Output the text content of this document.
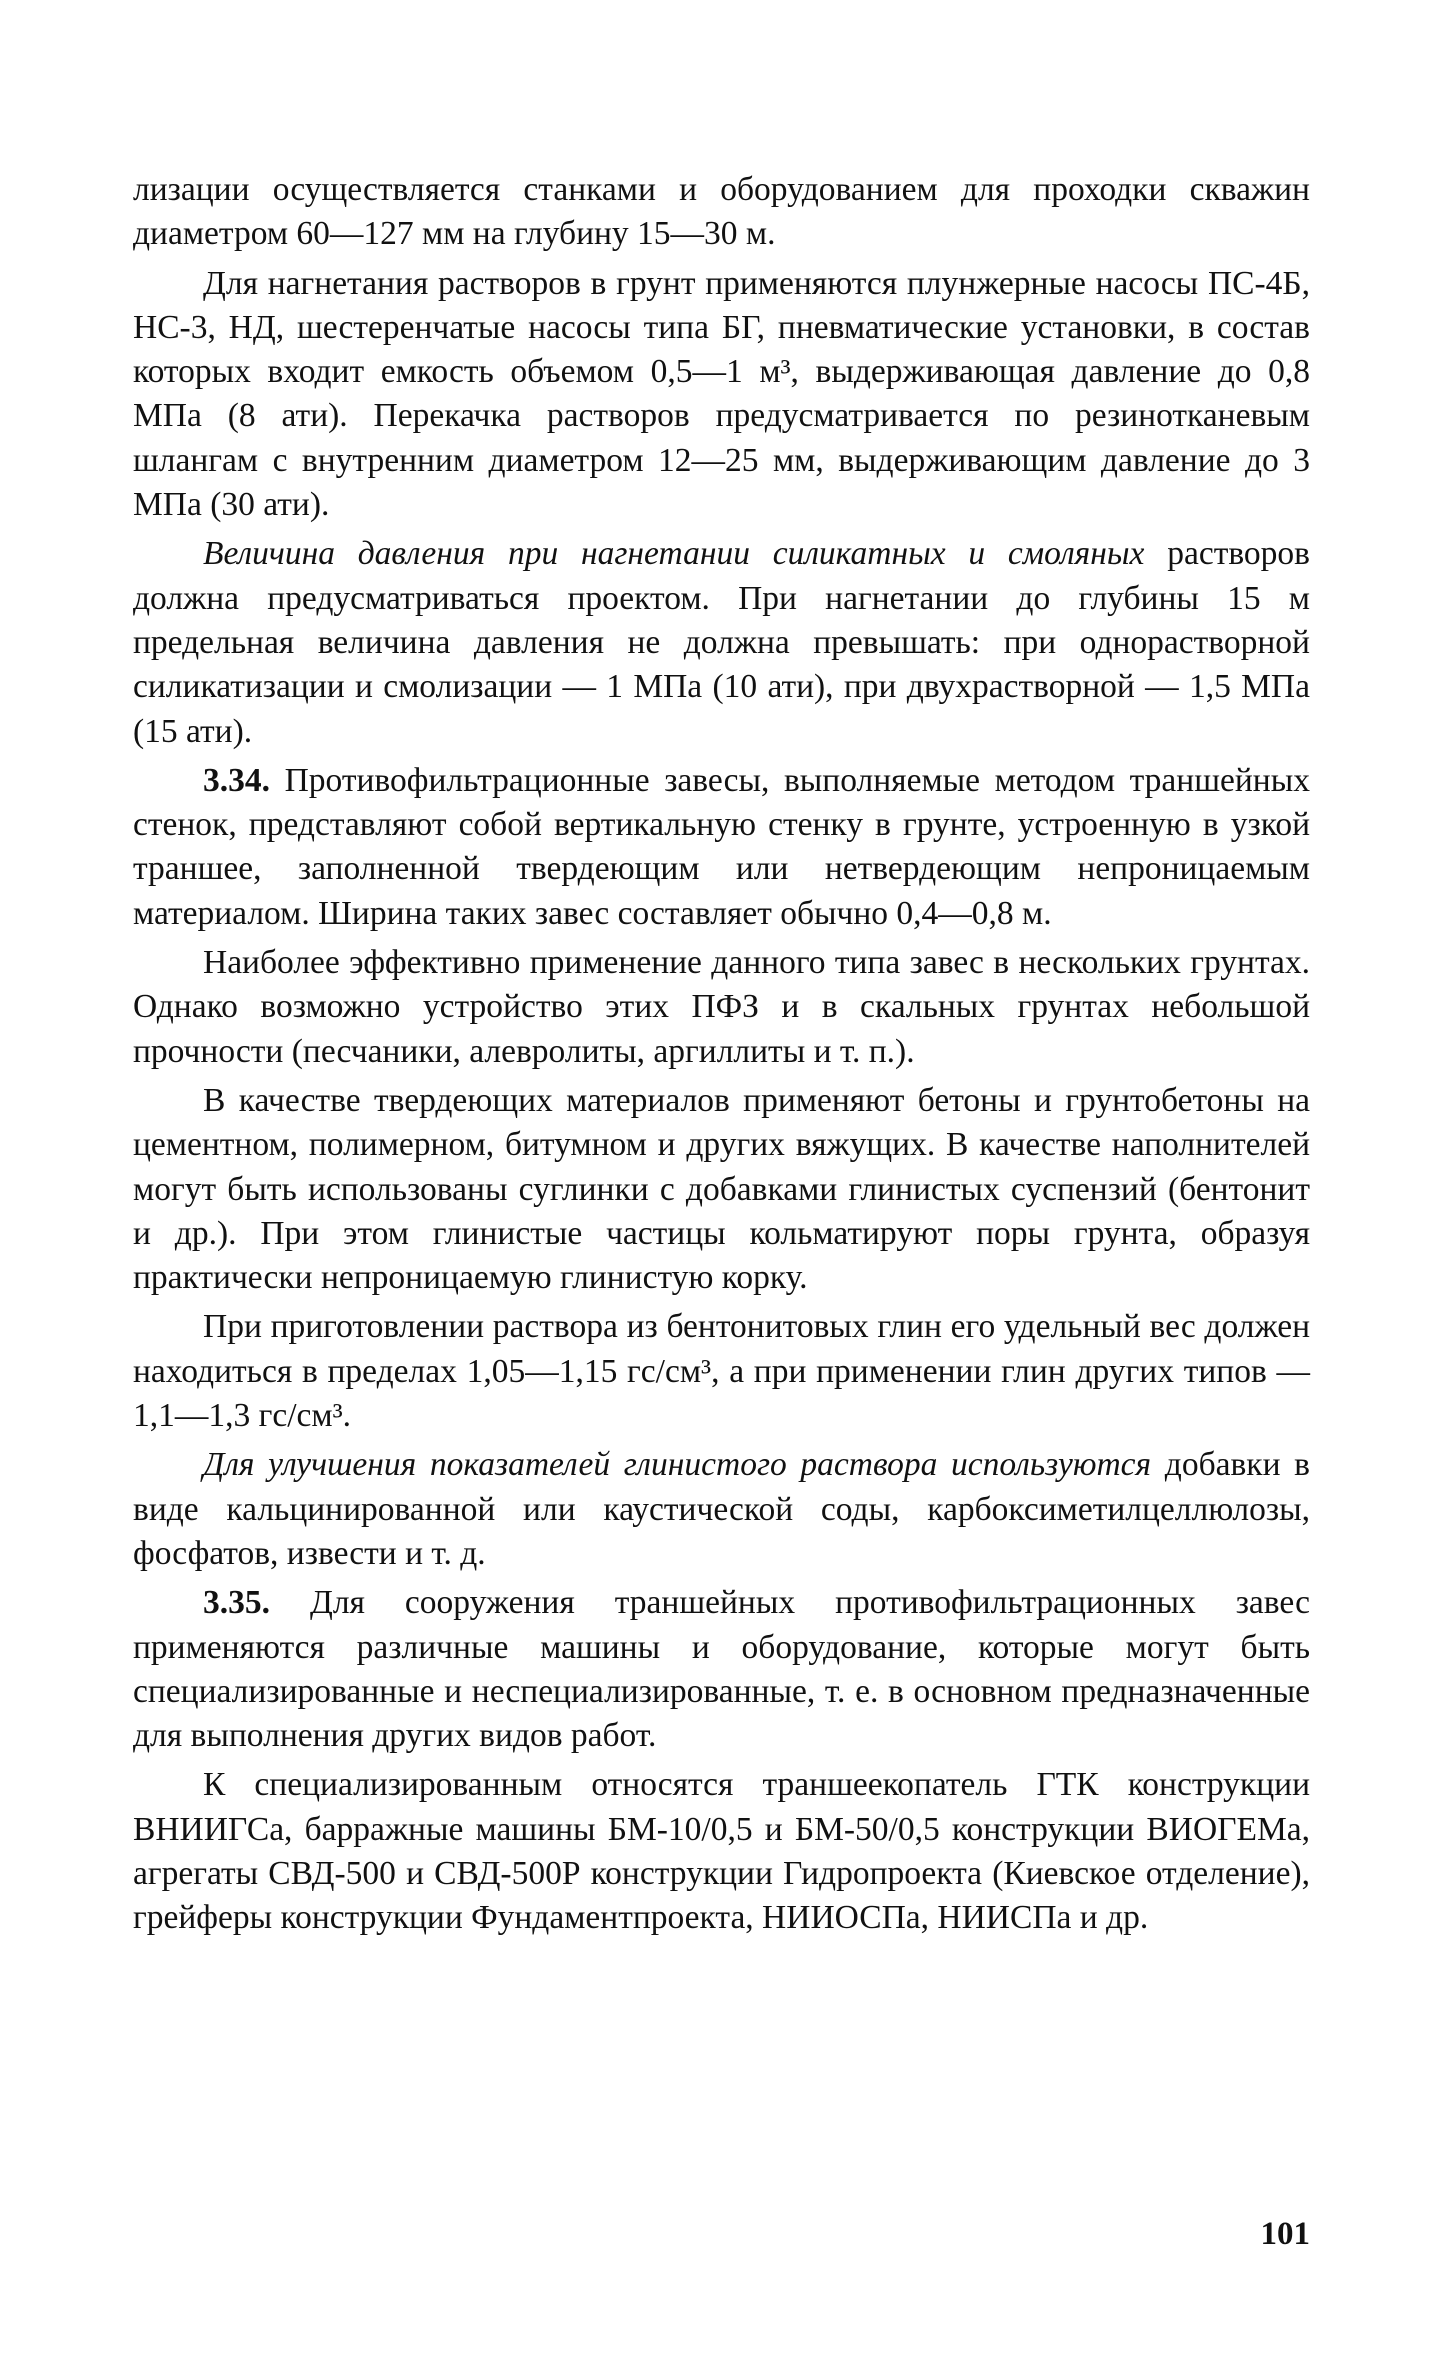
лизации осуществляется станками и оборудованием для проходки скважин диаметром 60—127 мм на глубину 15—30 м.

Для нагнетания растворов в грунт применяются плунжерные насосы ПС-4Б, НС-3, НД, шестеренчатые насосы типа БГ, пневматические установки, в состав которых входит емкость объемом 0,5—1 м³, выдерживающая давление до 0,8 МПа (8 ати). Перекачка растворов предусматривается по резинотканевым шлангам с внутренним диаметром 12—25 мм, выдерживающим давление до 3 МПа (30 ати).

Величина давления при нагнетании силикатных и смоляных растворов должна предусматриваться проектом. При нагнетании до глубины 15 м предельная величина давления не должна превышать: при однорастворной силикатизации и смолизации — 1 МПа (10 ати), при двухрастворной — 1,5 МПа (15 ати).

3.34. Противофильтрационные завесы, выполняемые методом траншейных стенок, представляют собой вертикальную стенку в грунте, устроенную в узкой траншее, заполненной твердеющим или нетвердеющим непроницаемым материалом. Ширина таких завес составляет обычно 0,4—0,8 м.

Наиболее эффективно применение данного типа завес в нескольких грунтах. Однако возможно устройство этих ПФЗ и в скальных грунтах небольшой прочности (песчаники, алевролиты, аргиллиты и т. п.).

В качестве твердеющих материалов применяют бетоны и грунтобетоны на цементном, полимерном, битумном и других вяжущих. В качестве наполнителей могут быть использованы суглинки с добавками глинистых суспензий (бентонит и др.). При этом глинистые частицы кольматируют поры грунта, образуя практически непроницаемую глинистую корку.

При приготовлении раствора из бентонитовых глин его удельный вес должен находиться в пределах 1,05—1,15 гс/см³, а при применении глин других типов — 1,1—1,3 гс/см³.

Для улучшения показателей глинистого раствора используются добавки в виде кальцинированной или каустической соды, карбоксиметилцеллюлозы, фосфатов, извести и т. д.

3.35. Для сооружения траншейных противофильтрационных завес применяются различные машины и оборудование, которые могут быть специализированные и неспециализированные, т. е. в основном предназначенные для выполнения других видов работ.

К специализированным относятся траншеекопатель ГТК конструкции ВНИИГСа, барражные машины БМ-10/0,5 и БМ-50/0,5 конструкции ВИОГЕМа, агрегаты СВД-500 и СВД-500Р конструкции Гидропроекта (Киевское отделение), грейферы конструкции Фундаментпроекта, НИИОСПа, НИИСПа и др.

101
